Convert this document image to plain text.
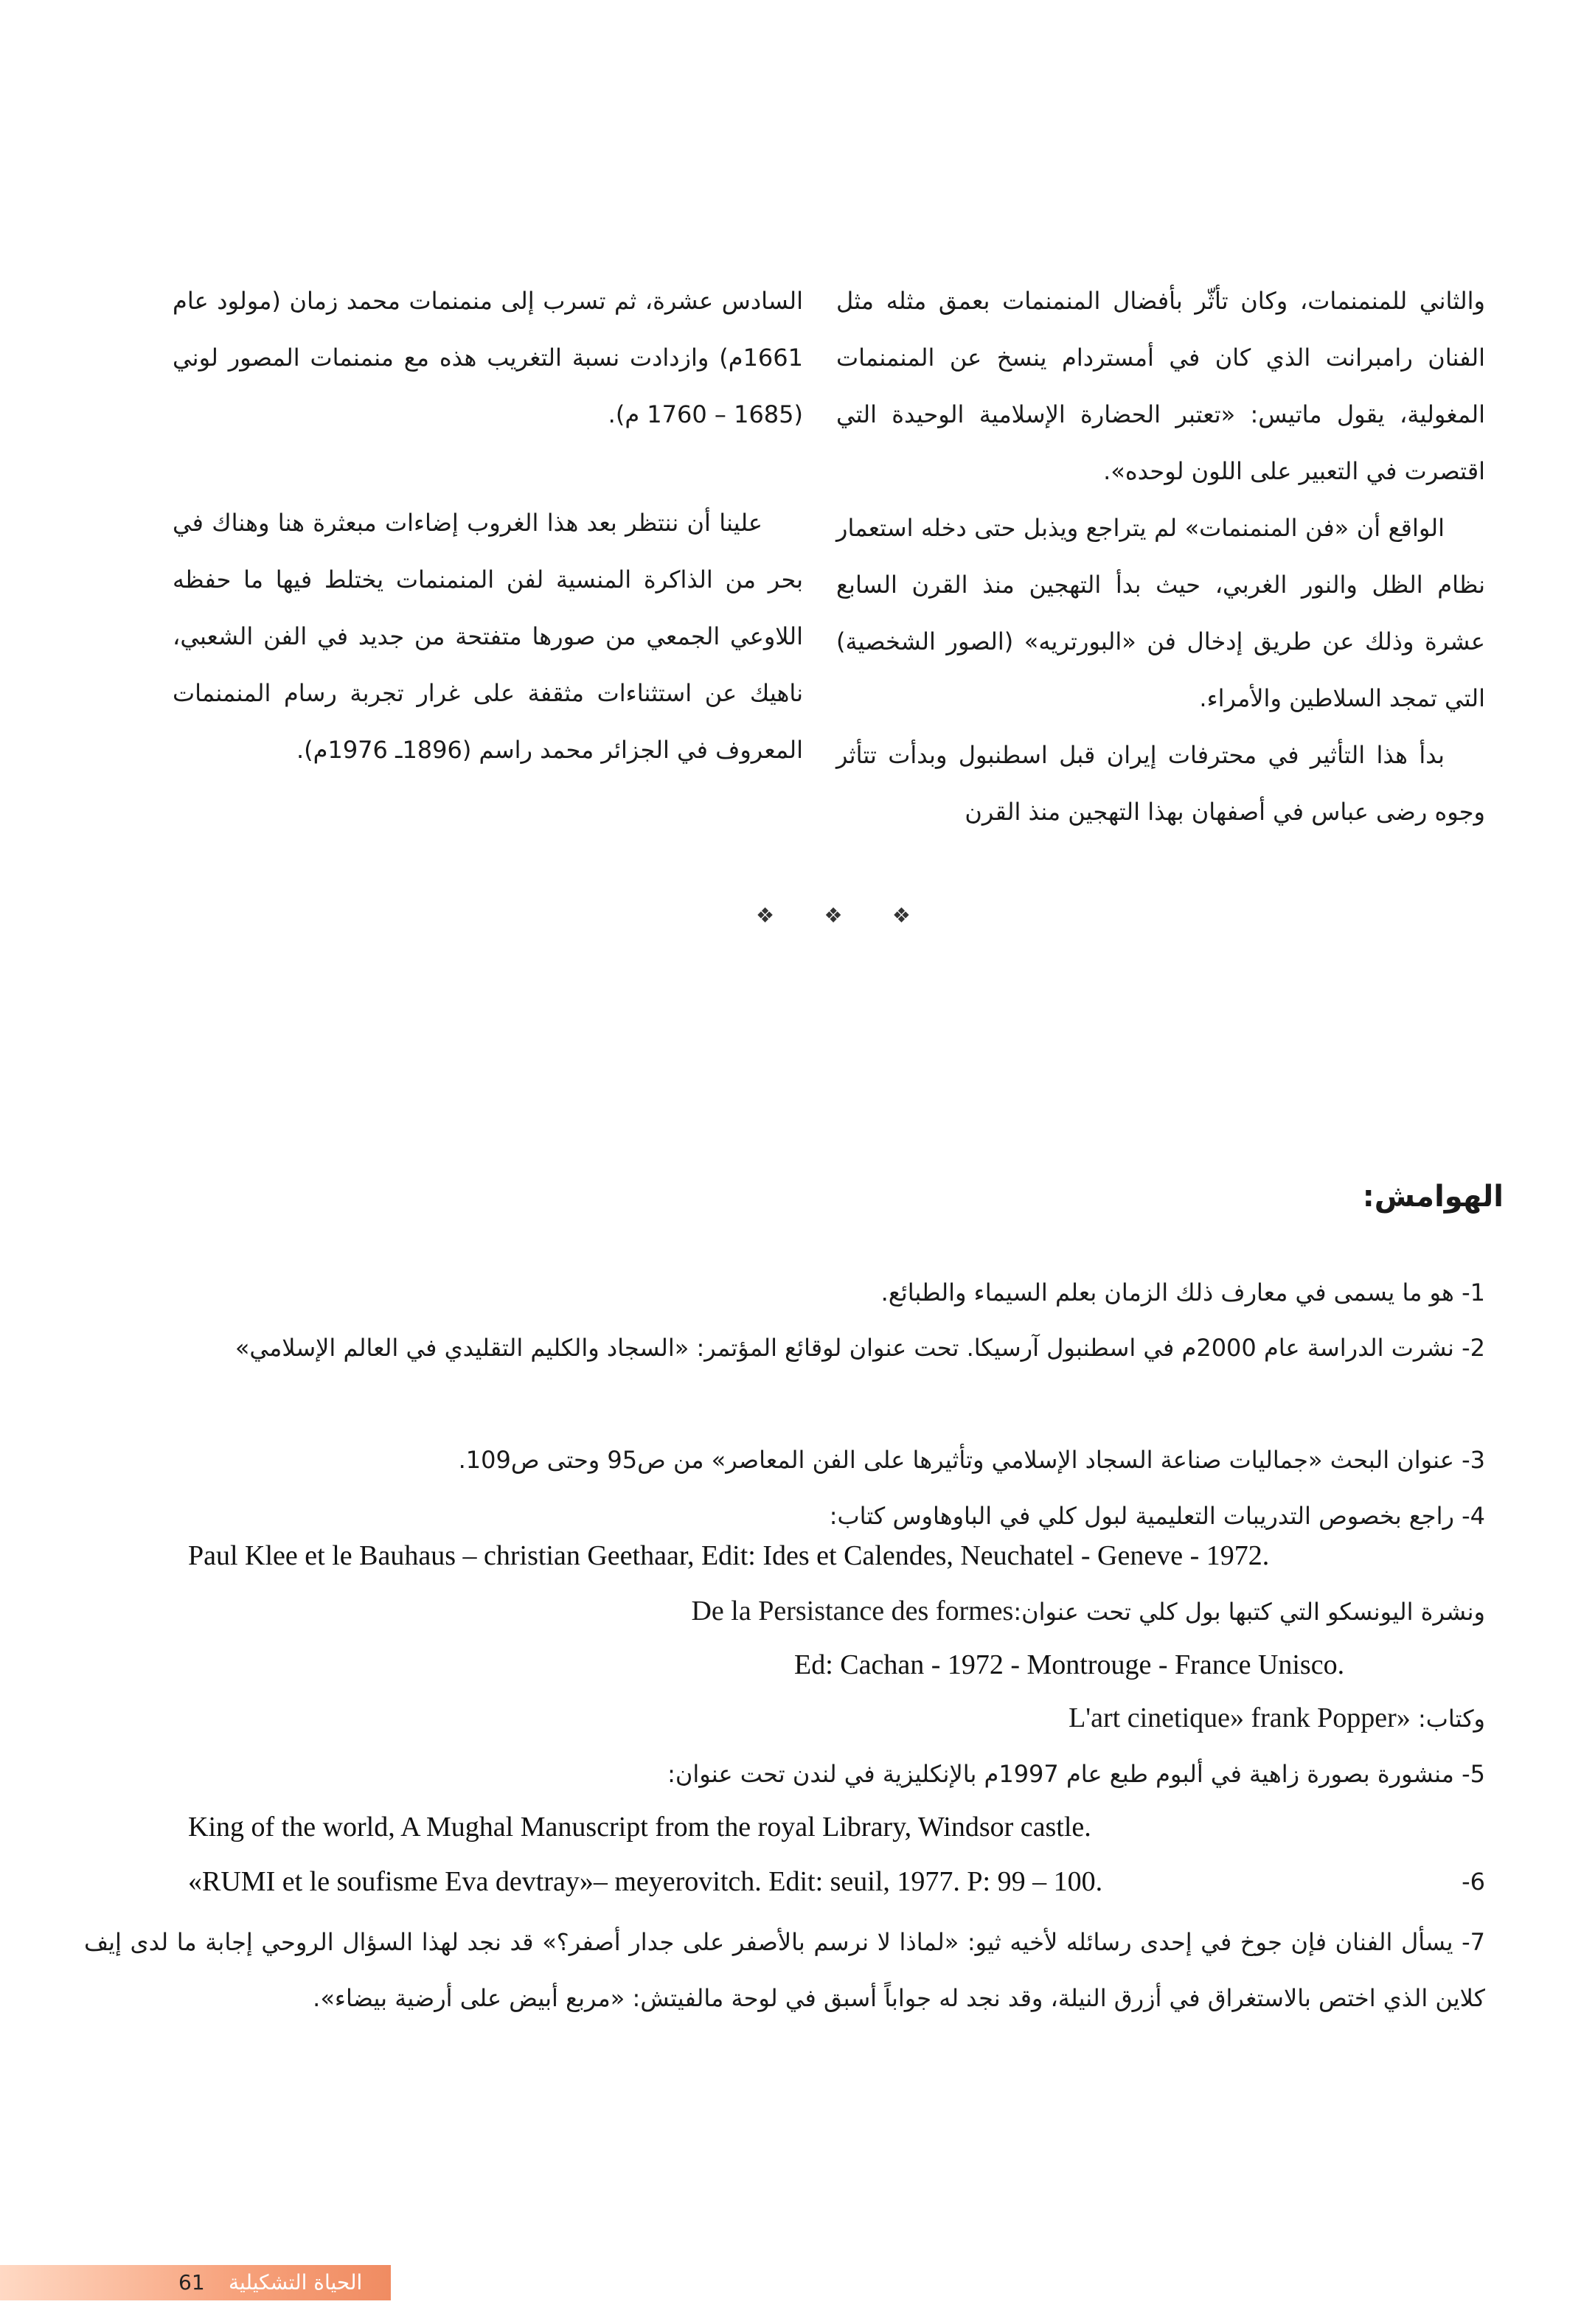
والثاني للمنمنمات، وكان تأثّر بأفضال المنمنمات بعمق مثله مثل الفنان رامبرانت الذي كان في أمستردام ينسخ عن المنمنمات المغولية، يقول ماتيس: «تعتبر الحضارة الإسلامية الوحيدة التي اقتصرت في التعبير على اللون لوحده».

الواقع أن «فن المنمنمات» لم يتراجع ويذبل حتى دخله استعمار نظام الظل والنور الغربي، حيث بدأ التهجين منذ القرن السابع عشرة وذلك عن طريق إدخال فن «البورتريه» (الصور الشخصية) التي تمجد السلاطين والأمراء.

بدأ هذا التأثير في محترفات إيران قبل اسطنبول وبدأت تتأثر وجوه رضى عباس في أصفهان بهذا التهجين منذ القرن

السادس عشرة، ثم تسرب إلى منمنمات محمد زمان (مولود عام 1661م) وازدادت نسبة التغريب هذه مع منمنمات المصور لوني (1685 – 1760 م).

علينا أن ننتظر بعد هذا الغروب إضاءات مبعثرة هنا وهناك في بحر من الذاكرة المنسية لفن المنمنمات يختلط فيها ما حفظه اللاوعي الجمعي من صورها متفتحة من جديد في الفن الشعبي، ناهيك عن استثناءات مثقفة على غرار تجربة رسام المنمنمات المعروف في الجزائر محمد راسم (1896ـ 1976م).

❖ ❖ ❖
الهوامش:
1- هو ما يسمى في معارف ذلك الزمان بعلم السيماء والطبائع.
2- نشرت الدراسة عام 2000م في اسطنبول آرسيكا. تحت عنوان لوقائع المؤتمر: «السجاد والكليم التقليدي في العالم الإسلامي»
3- عنوان البحث «جماليات صناعة السجاد الإسلامي وتأثيرها على الفن المعاصر» من ص95 وحتى ص109.
4- راجع بخصوص التدريبات التعليمية لبول كلي في الباوهاوس كتاب:
Paul Klee et le Bauhaus – christian Geethaar, Edit: Ides et Calendes, Neuchatel - Geneve - 1972.
ونشرة اليونسكو التي كتبها بول كلي تحت عنوان:De la Persistance des formes
Ed: Cachan - 1972 - Montrouge - France Unisco.
وكتاب: «L'art cinetique» frank Popper
5- منشورة بصورة زاهية في ألبوم طبع عام 1997م بالإنكليزية في لندن تحت عنوان:
King of the world, A Mughal Manuscript from the royal Library, Windsor castle.
«RUMI et le soufisme Eva devtray»– meyerovitch. Edit: seuil, 1977. P: 99 – 100.	6-
7- يسأل الفنان فإن جوخ في إحدى رسائله لأخيه ثيو: «لماذا لا نرسم بالأصفر على جدار أصفر؟» قد نجد لهذا السؤال الروحي إجابة ما لدى إيف كلاين الذي اختص بالاستغراق في أزرق النيلة، وقد نجد له جواباً أسبق في لوحة مالفيتش: «مربع أبيض على أرضية بيضاء».
61 الحياة التشكيلية
